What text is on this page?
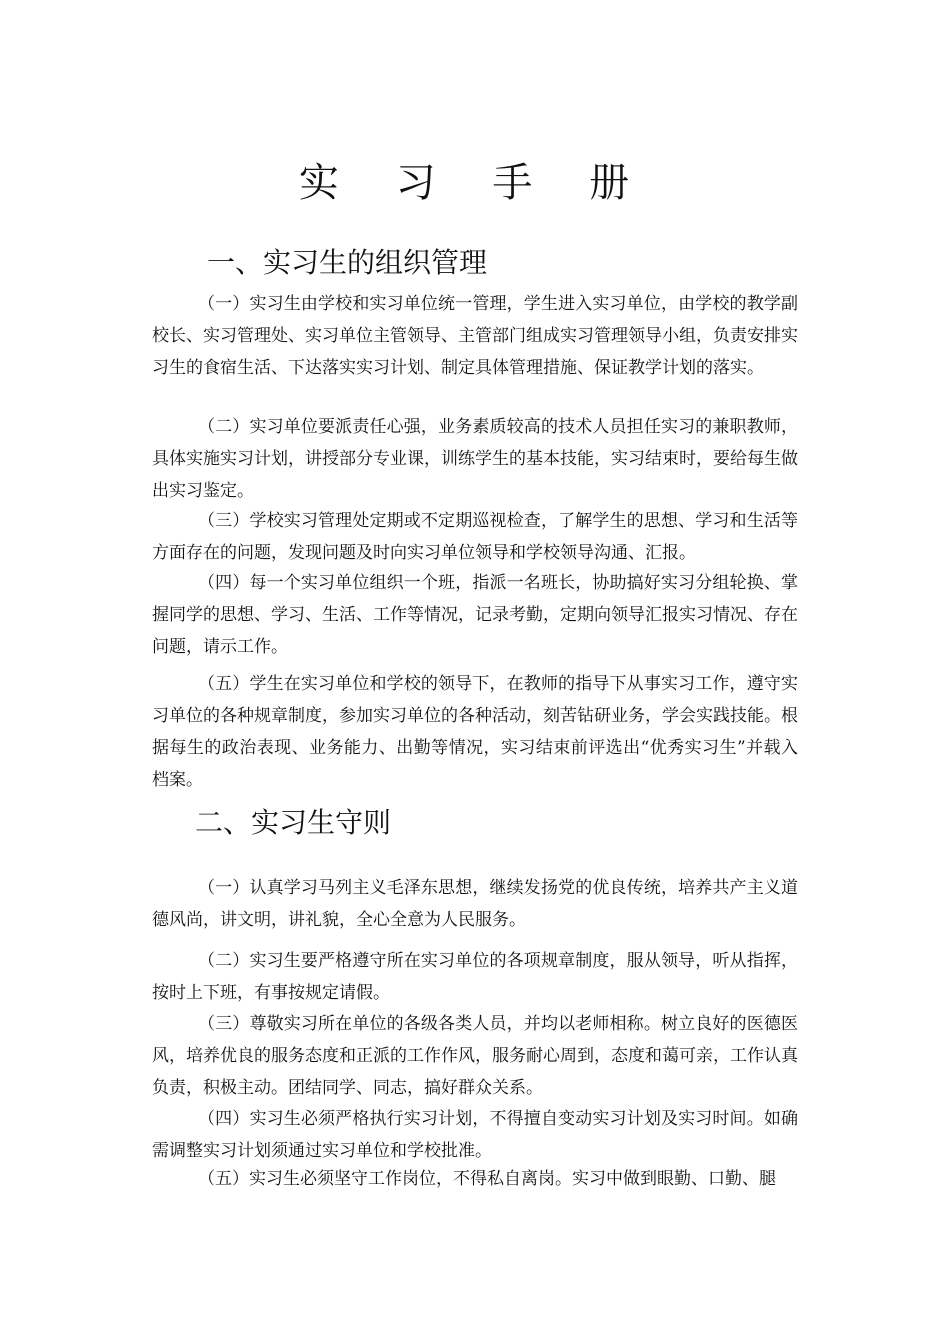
实 习 手 册
一、实习生的组织管理

（一）实习生由学校和实习单位统一管理，学生进入实习单位，由学校的教学副校长、实习管理处、实习单位主管领导、主管部门组成实习管理领导小组，负责安排实习生的食宿生活、下达落实实习计划、制定具体管理措施、保证教学计划的落实。

（二）实习单位要派责任心强，业务素质较高的技术人员担任实习的兼职教师，具体实施实习计划，讲授部分专业课，训练学生的基本技能，实习结束时，要给每生做出实习鉴定。

（三）学校实习管理处定期或不定期巡视检查，了解学生的思想、学习和生活等方面存在的问题，发现问题及时向实习单位领导和学校领导沟通、汇报。

（四）每一个实习单位组织一个班，指派一名班长，协助搞好实习分组轮换、掌握同学的思想、学习、生活、工作等情况，记录考勤，定期向领导汇报实习情况、存在问题，请示工作。

（五）学生在实习单位和学校的领导下，在教师的指导下从事实习工作，遵守实习单位的各种规章制度，参加实习单位的各种活动，刻苦钻研业务，学会实践技能。根据每生的政治表现、业务能力、出勤等情况，实习结束前评选出“优秀实习生”并载入档案。

二、实习生守则

（一）认真学习马列主义毛泽东思想，继续发扬党的优良传统，培养共产主义道德风尚，讲文明，讲礼貌，全心全意为人民服务。

（二）实习生要严格遵守所在实习单位的各项规章制度，服从领导，听从指挥，按时上下班，有事按规定请假。

（三）尊敬实习所在单位的各级各类人员，并均以老师相称。树立良好的医德医风，培养优良的服务态度和正派的工作作风，服务耐心周到，态度和蔼可亲，工作认真负责，积极主动。团结同学、同志，搞好群众关系。

（四）实习生必须严格执行实习计划，不得擅自变动实习计划及实习时间。如确需调整实习计划须通过实习单位和学校批准。

（五）实习生必须坚守工作岗位，不得私自离岗。实习中做到眼勤、口勤、腿
